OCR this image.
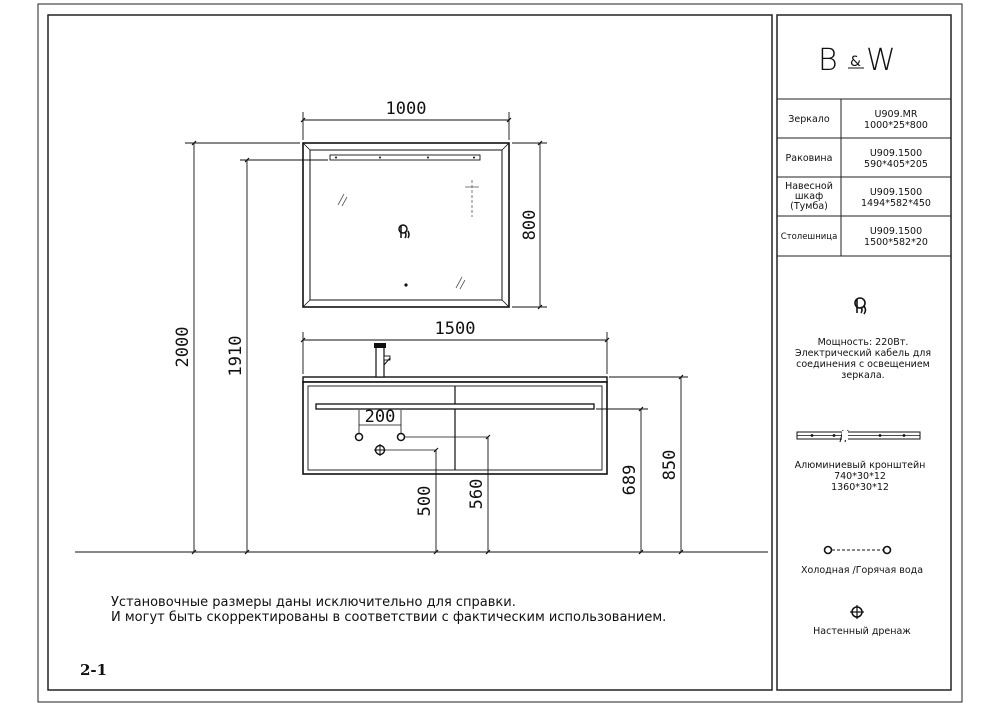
B & W
Зеркало	U909.MR
1000*25*800
Раковина	U909.1500
590*405*205
Навесной
шкаф
(Тумба)
U909.1500
1494*582*450
Столешница	U909.1500
1500*582*20
Мощность: 220Вт.
Электрический кабель для
соединения с освещением
зеркала.
Алюминиевый кронштейн
740*30*12
1360*30*12
Холодная /Горячая вода
Настенный дренаж
1000
800
1500
2000 1910
200
500 560	689 850
Установочные размеры даны исключительно для справки.
И могут быть скорректированы в соответствии с фактическим использованием.
2-1
